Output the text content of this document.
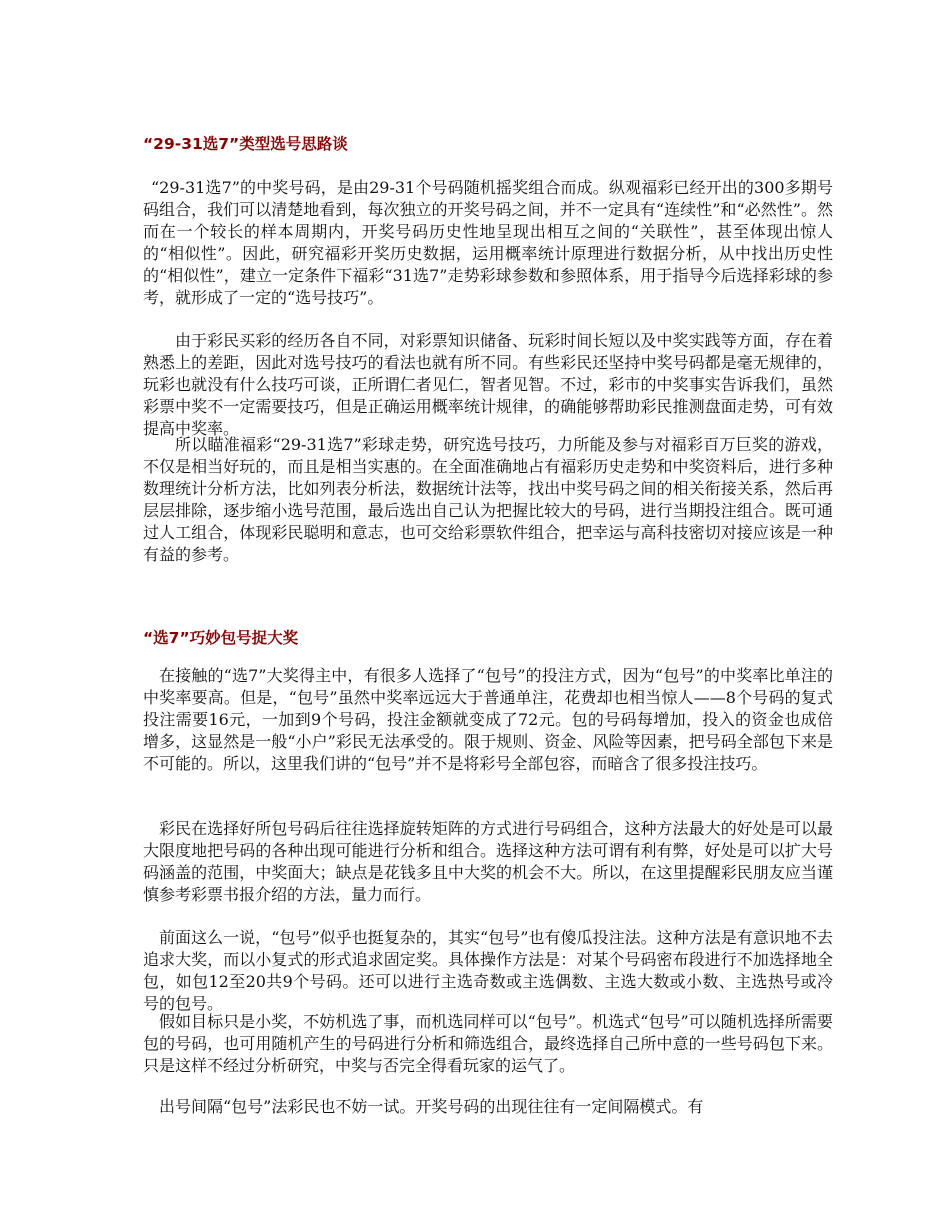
“29-31选7”类型选号思路谈

“29-31选7”的中奖号码，是由29-31个号码随机摇奖组合而成。纵观福彩已经开出的300多期号码组合，我们可以清楚地看到，每次独立的开奖号码之间，并不一定具有“连续性”和“必然性”。然而在一个较长的样本周期内，开奖号码历史性地呈现出相互之间的“关联性”，甚至体现出惊人的“相似性”。因此，研究福彩开奖历史数据，运用概率统计原理进行数据分析，从中找出历史性的“相似性”，建立一定条件下福彩“31选7”走势彩球参数和参照体系，用于指导今后选择彩球的参考，就形成了一定的“选号技巧”。

由于彩民买彩的经历各自不同，对彩票知识储备、玩彩时间长短以及中奖实践等方面，存在着熟悉上的差距，因此对选号技巧的看法也就有所不同。有些彩民还坚持中奖号码都是毫无规律的，玩彩也就没有什么技巧可谈，正所谓仁者见仁，智者见智。不过，彩市的中奖事实告诉我们，虽然彩票中奖不一定需要技巧，但是正确运用概率统计规律，的确能够帮助彩民推测盘面走势，可有效提高中奖率。

所以瞄准福彩“29-31选7”彩球走势，研究选号技巧，力所能及参与对福彩百万巨奖的游戏，不仅是相当好玩的，而且是相当实惠的。在全面准确地占有福彩历史走势和中奖资料后，进行多种数理统计分析方法，比如列表分析法，数据统计法等，找出中奖号码之间的相关衔接关系，然后再层层排除，逐步缩小选号范围，最后选出自己认为把握比较大的号码，进行当期投注组合。既可通过人工组合，体现彩民聪明和意志，也可交给彩票软件组合，把幸运与高科技密切对接应该是一种有益的参考。

“选7”巧妙包号捉大奖

在接触的“选7”大奖得主中，有很多人选择了“包号”的投注方式，因为“包号”的中奖率比单注的中奖率要高。但是，“包号”虽然中奖率远远大于普通单注，花费却也相当惊人——8个号码的复式投注需要16元，一加到9个号码，投注金额就变成了72元。包的号码每增加，投入的资金也成倍增多，这显然是一般“小户”彩民无法承受的。限于规则、资金、风险等因素，把号码全部包下来是不可能的。所以，这里我们讲的“包号”并不是将彩号全部包容，而暗含了很多投注技巧。

彩民在选择好所包号码后往往选择旋转矩阵的方式进行号码组合，这种方法最大的好处是可以最大限度地把号码的各种出现可能进行分析和组合。选择这种方法可谓有利有弊，好处是可以扩大号码涵盖的范围，中奖面大；缺点是花钱多且中大奖的机会不大。所以，在这里提醒彩民朋友应当谨慎参考彩票书报介绍的方法，量力而行。

前面这么一说，“包号”似乎也挺复杂的，其实“包号”也有傻瓜投注法。这种方法是有意识地不去追求大奖，而以小复式的形式追求固定奖。具体操作方法是：对某个号码密布段进行不加选择地全包，如包12至20共9个号码。还可以进行主选奇数或主选偶数、主选大数或小数、主选热号或冷号的包号。

假如目标只是小奖，不妨机选了事，而机选同样可以“包号”。机选式“包号”可以随机选择所需要包的号码，也可用随机产生的号码进行分析和筛选组合，最终选择自己所中意的一些号码包下来。只是这样不经过分析研究，中奖与否完全得看玩家的运气了。

出号间隔“包号”法彩民也不妨一试。开奖号码的出现往往有一定间隔模式。有
